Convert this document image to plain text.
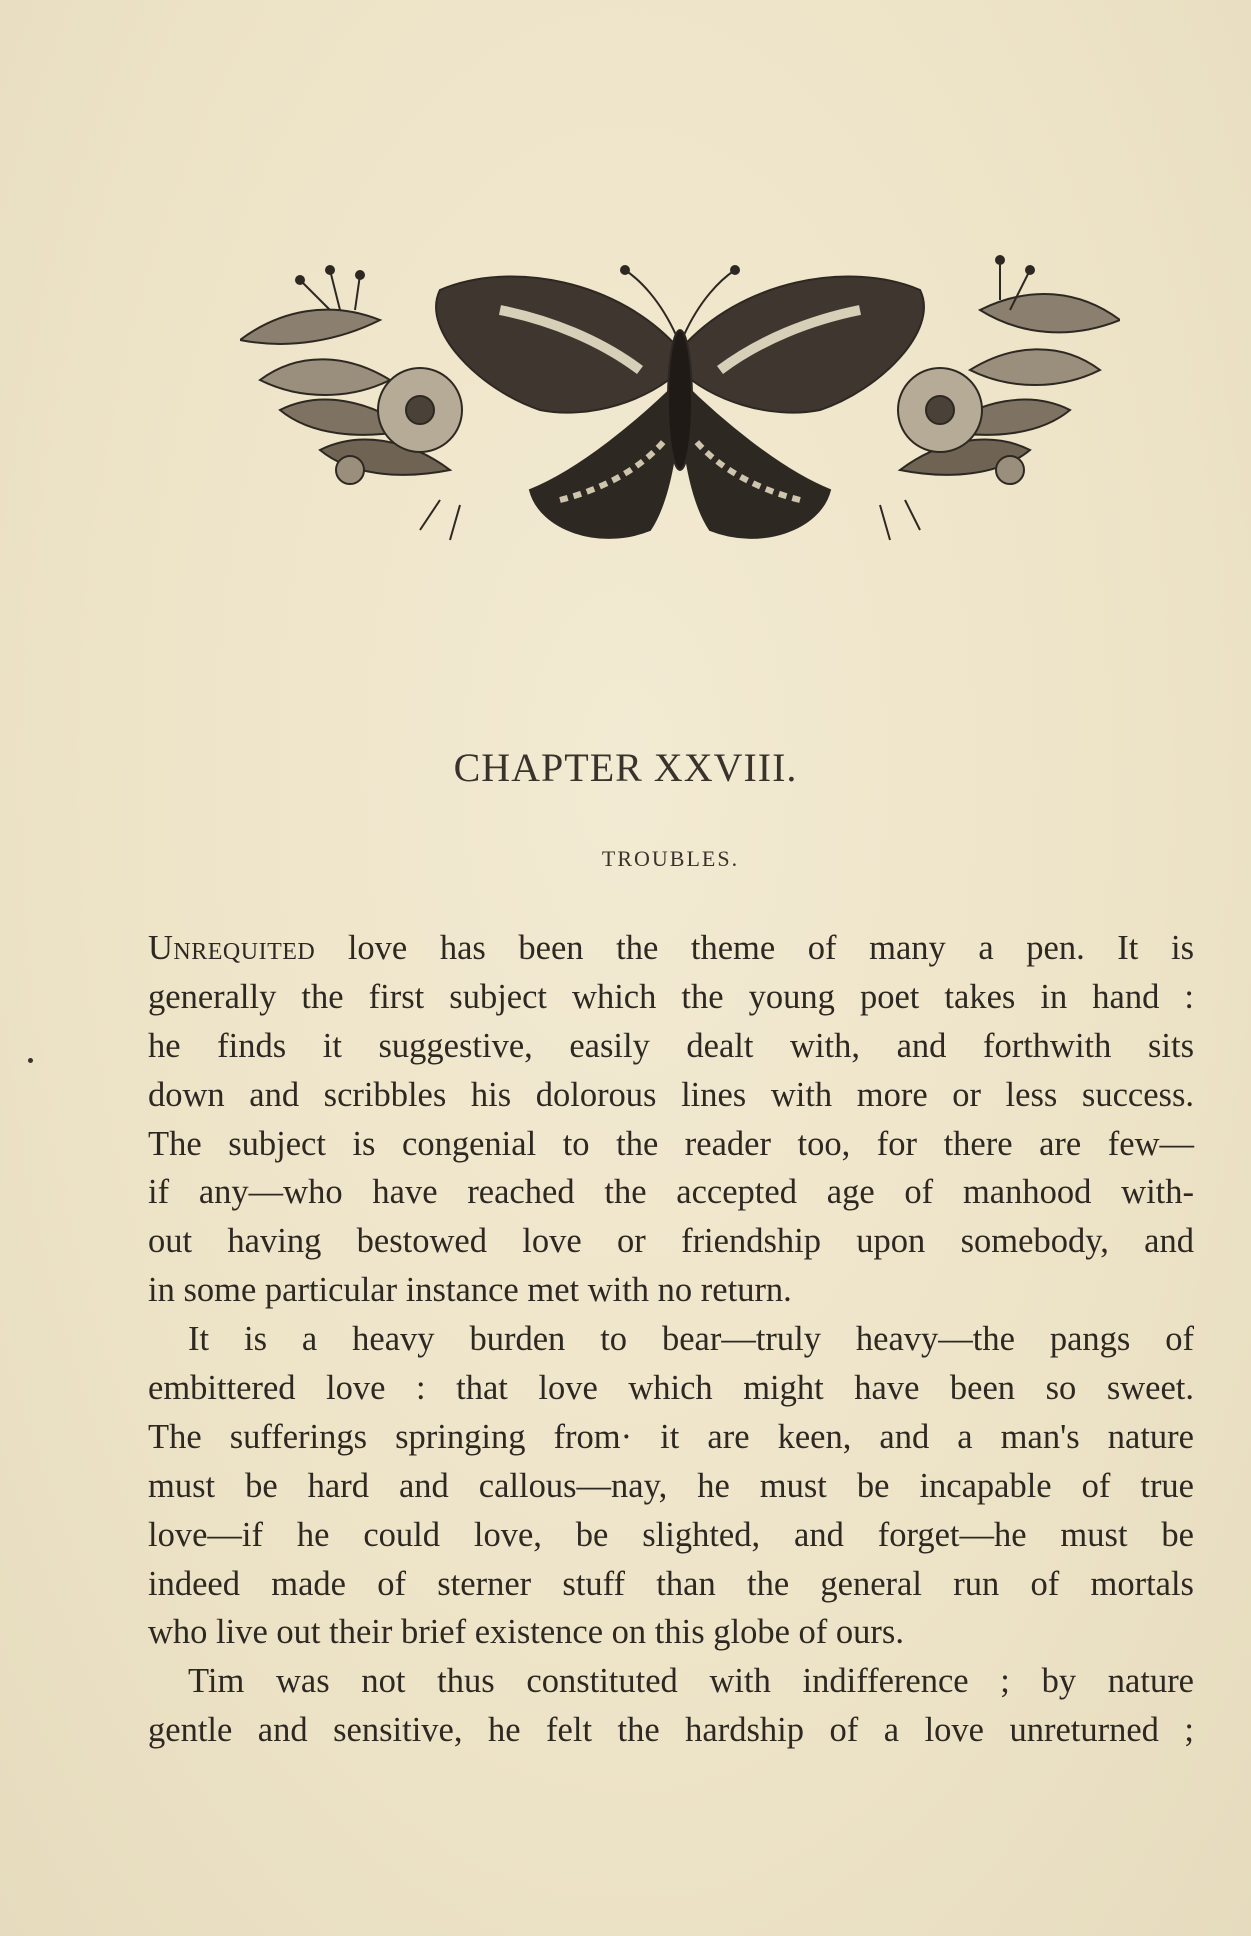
CHAPTER XXVIII.
TROUBLES.
Unrequited love has been the theme of many a pen. It is
generally the first subject which the young poet takes in hand :
he finds it suggestive, easily dealt with, and forthwith sits
down and scribbles his dolorous lines with more or less success.
The subject is congenial to the reader too, for there are few—
if any—who have reached the accepted age of manhood with-
out having bestowed love or friendship upon somebody, and
in some particular instance met with no return.
It is a heavy burden to bear—truly heavy—the pangs of
embittered love : that love which might have been so sweet.
The sufferings springing from· it are keen, and a man's nature
must be hard and callous—nay, he must be incapable of true
love—if he could love, be slighted, and forget—he must be
indeed made of sterner stuff than the general run of mortals
who live out their brief existence on this globe of ours.
Tim was not thus constituted with indifference ; by nature
gentle and sensitive, he felt the hardship of a love unreturned ;
